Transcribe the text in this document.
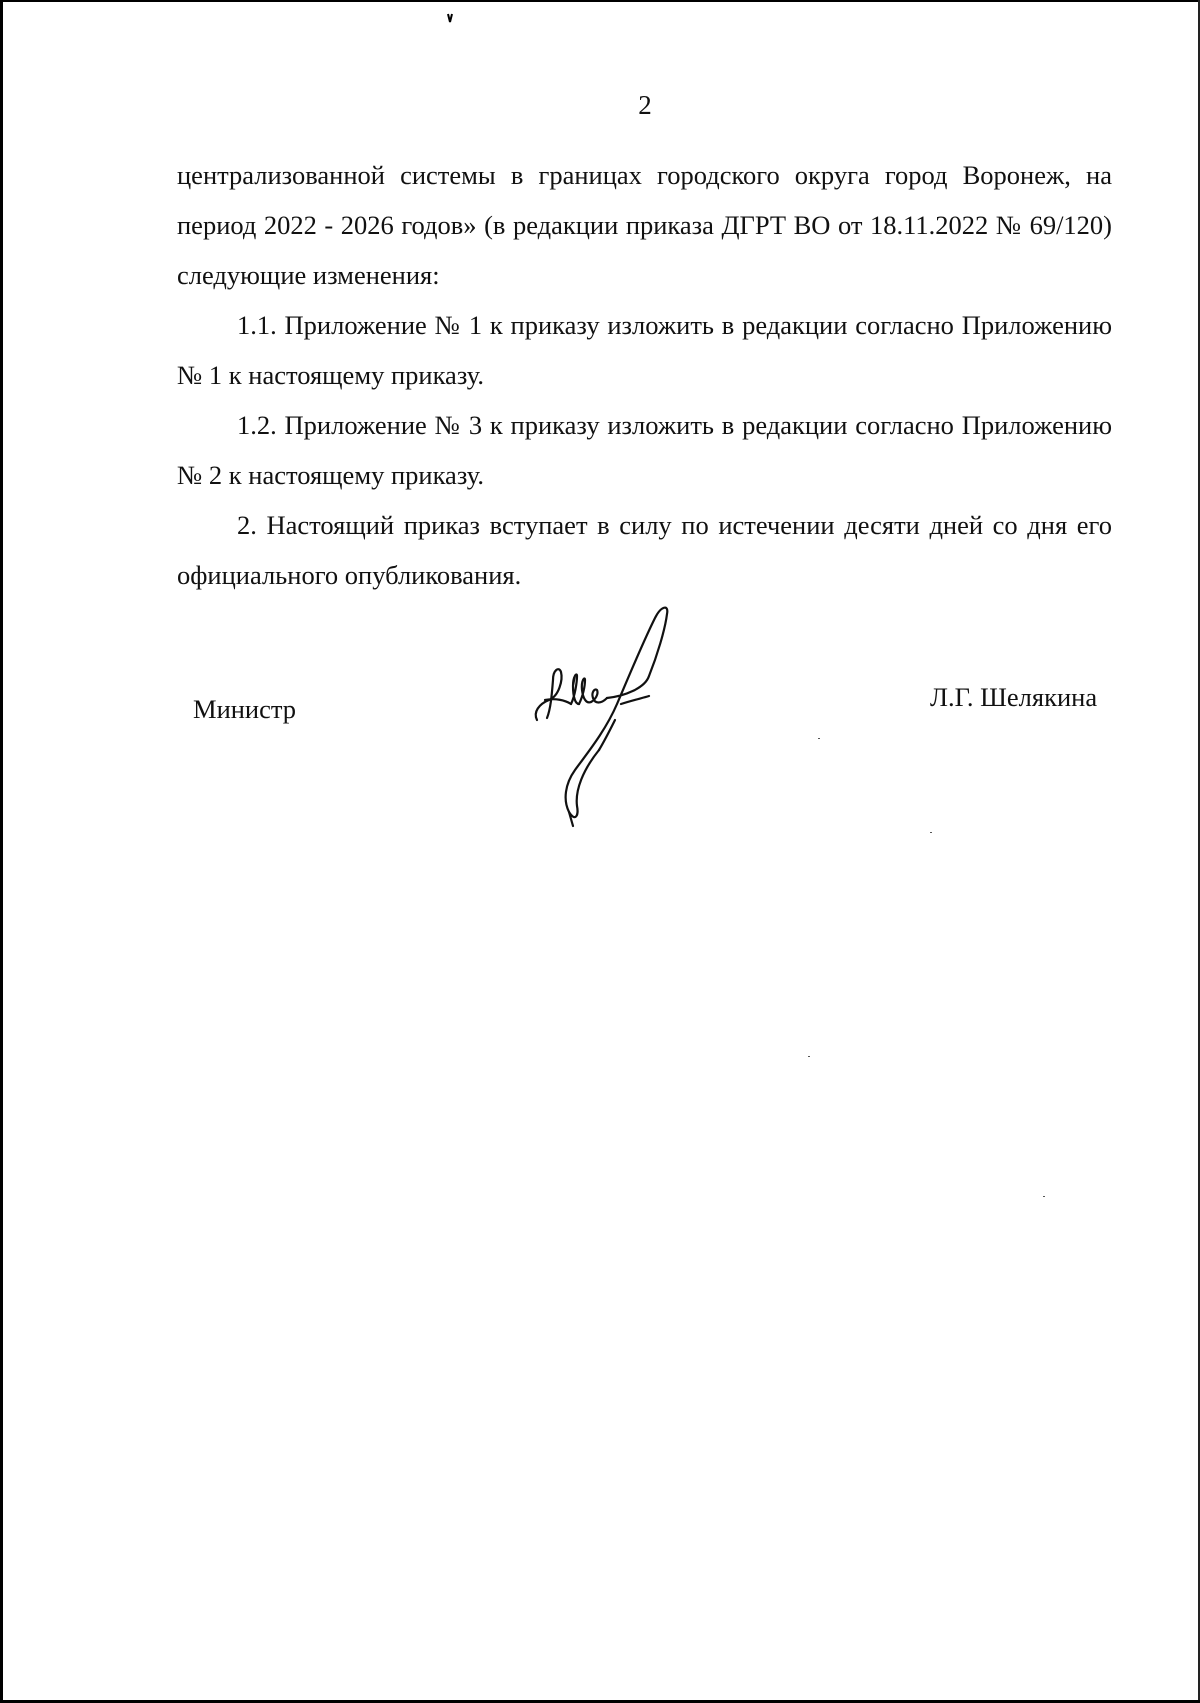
2

централизованной системы в границах городского округа город Воронеж, на период 2022 - 2026 годов» (в редакции приказа ДГРТ ВО от 18.11.2022 № 69/120) следующие изменения:

1.1. Приложение № 1 к приказу изложить в редакции согласно Приложению № 1 к настоящему приказу.

1.2. Приложение № 3 к приказу изложить в редакции согласно Приложению № 2 к настоящему приказу.

2. Настоящий приказ вступает в силу по истечении десяти дней со дня его официального опубликования.

Министр	Л.Г. Шелякина
